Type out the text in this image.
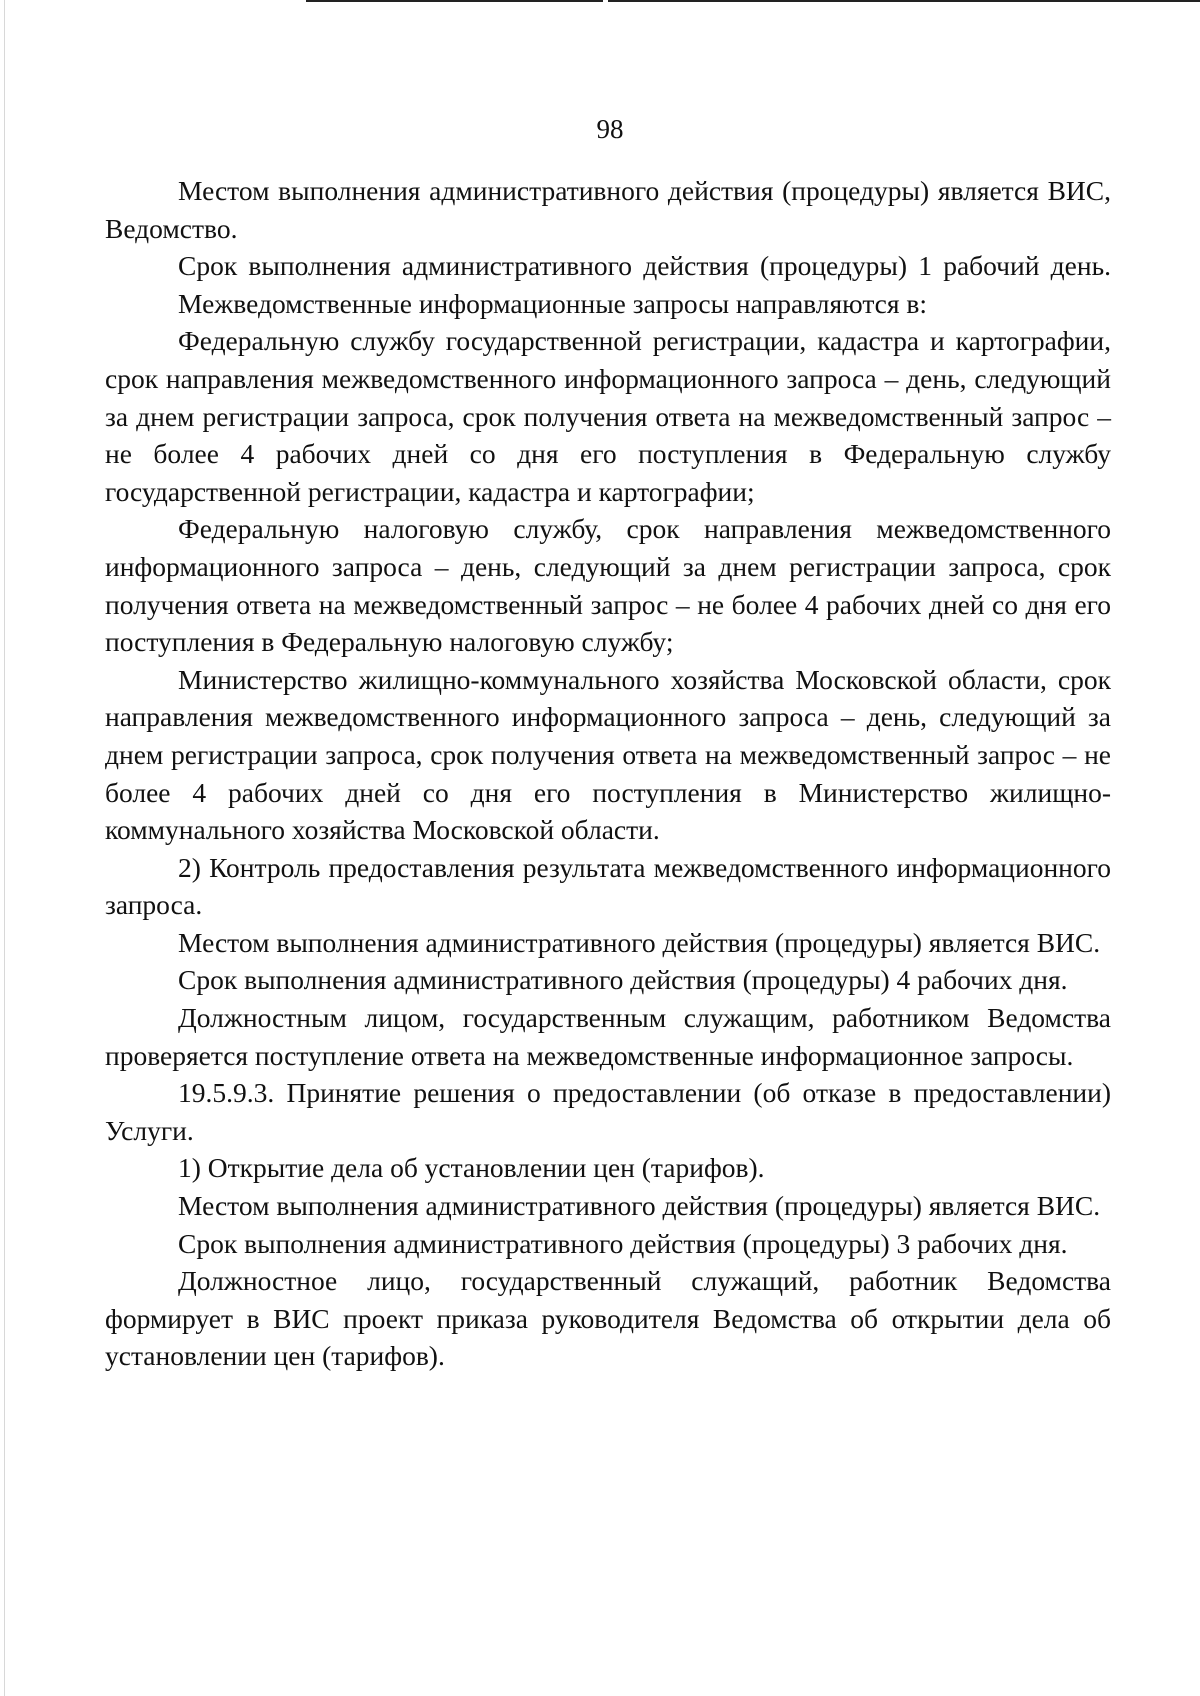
98

Местом выполнения административного действия (процедуры) является ВИС, Ведомство.

Срок выполнения административного действия (процедуры) 1 рабочий день.

Межведомственные информационные запросы направляются в:

Федеральную службу государственной регистрации, кадастра и картографии, срок направления межведомственного информационного запроса – день, следующий за днем регистрации запроса, срок получения ответа на межведомственный запрос – не более 4 рабочих дней со дня его поступления в Федеральную службу государственной регистрации, кадастра и картографии;

Федеральную налоговую службу, срок направления межведомственного информационного запроса – день, следующий за днем регистрации запроса, срок получения ответа на межведомственный запрос – не более 4 рабочих дней со дня его поступления в Федеральную налоговую службу;

Министерство жилищно-коммунального хозяйства Московской области, срок направления межведомственного информационного запроса – день, следующий за днем регистрации запроса, срок получения ответа на межведомственный запрос – не более 4 рабочих дней со дня его поступления в Министерство жилищно-коммунального хозяйства Московской области.

2) Контроль предоставления результата межведомственного информационного запроса.

Местом выполнения административного действия (процедуры) является ВИС.

Срок выполнения административного действия (процедуры) 4 рабочих дня.

Должностным лицом, государственным служащим, работником Ведомства проверяется поступление ответа на межведомственные информационное запросы.

19.5.9.3. Принятие решения о предоставлении (об отказе в предоставлении) Услуги.

1) Открытие дела об установлении цен (тарифов).

Местом выполнения административного действия (процедуры) является ВИС.

Срок выполнения административного действия (процедуры) 3 рабочих дня.

Должностное лицо, государственный служащий, работник Ведомства формирует в ВИС проект приказа руководителя Ведомства об открытии дела об установлении цен (тарифов).
